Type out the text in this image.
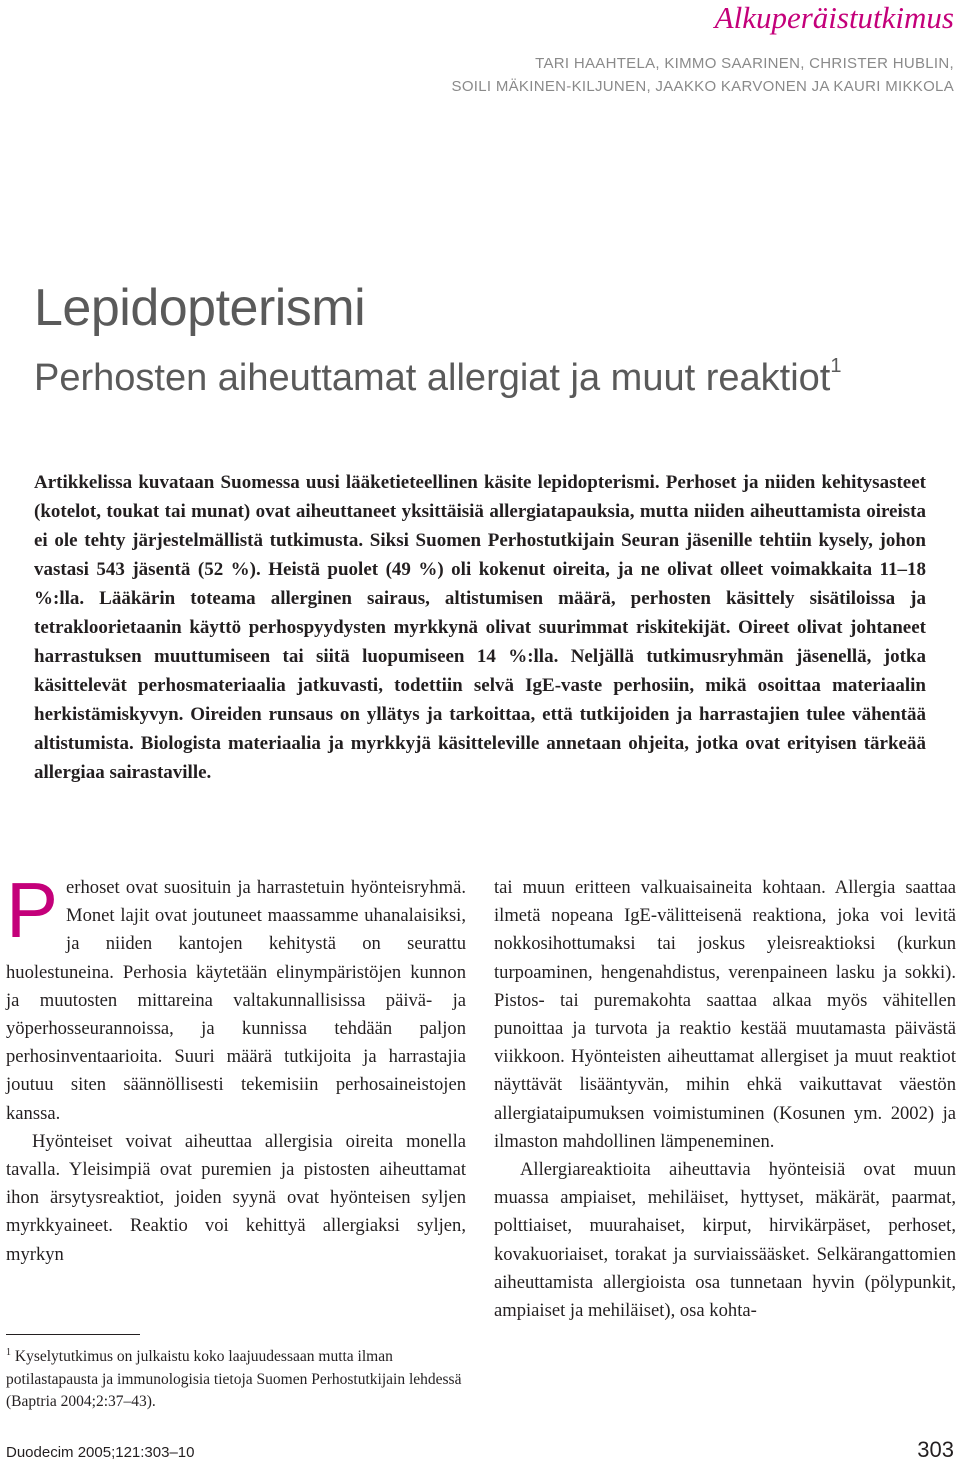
Alkuperäistutkimus
TARI HAAHTELA, KIMMO SAARINEN, CHRISTER HUBLIN,
SOILI MÄKINEN-KILJUNEN, JAAKKO KARVONEN JA KAURI MIKKOLA
Lepidopterismi
Perhosten aiheuttamat allergiat ja muut reaktiot$^1$

Artikkelissa kuvataan Suomessa uusi lääketieteellinen käsite lepidopterismi. Perhoset ja niiden kehitysasteet (kotelot, toukat tai munat) ovat aiheuttaneet yksittäisiä allergiatapauksia, mutta niiden aiheuttamista oireista ei ole tehty järjestelmällistä tutkimusta. Siksi Suomen Perhostutkijain Seuran jäsenille tehtiin kysely, johon vastasi 543 jäsentä (52 %). Heistä puolet (49 %) oli kokenut oireita, ja ne olivat olleet voimakkaita 11–18 %:lla. Lääkärin toteama allerginen sairaus, altistumisen määrä, perhosten käsittely sisätiloissa ja tetrakloorietaanin käyttö perhospyydysten myrkkynä olivat suurimmat riskitekijät. Oireet olivat johtaneet harrastuksen muuttumiseen tai siitä luopumiseen 14 %:lla. Neljällä tutkimusryhmän jäsenellä, jotka käsittelevät perhosmateriaalia jatkuvasti, todettiin selvä IgE-vaste perhosiin, mikä osoittaa materiaalin herkistämiskyvyn. Oireiden runsaus on yllätys ja tarkoittaa, että tutkijoiden ja harrastajien tulee vähentää altistumista. Biologista materiaalia ja myrkkyjä käsitteleville annetaan ohjeita, jotka ovat erityisen tärkeää allergiaa sairastaville.

Perhoset ovat suosituin ja harrastetuin hyönteisryhmä. Monet lajit ovat joutuneet maassamme uhanalaisiksi, ja niiden kantojen kehitystä on seurattu huolestuneina. Perhosia käytetään elinympäristöjen kunnon ja muutosten mittareina valtakunnallisissa päivä- ja yöperhosseurannoissa, ja kunnissa tehdään paljon perhosinventaarioita. Suuri määrä tutkijoita ja harrastajia joutuu siten säännöllisesti tekemisiin perhosaineistojen kanssa.

Hyönteiset voivat aiheuttaa allergisia oireita monella tavalla. Yleisimpiä ovat puremien ja pistosten aiheuttamat ihon ärsytysreaktiot, joiden syynä ovat hyönteisen syljen myrkkyaineet. Reaktio voi kehittyä allergiaksi syljen, myrkyn

tai muun eritteen valkuaisaineita kohtaan. Allergia saattaa ilmetä nopeana IgE-välitteisenä reaktiona, joka voi levitä nokkosihottumaksi tai joskus yleisreaktioksi (kurkun turpoaminen, hengenahdistus, verenpaineen lasku ja sokki). Pistos- tai puremakohta saattaa alkaa myös vähitellen punoittaa ja turvota ja reaktio kestää muutamasta päivästä viikkoon. Hyönteisten aiheuttamat allergiset ja muut reaktiot näyttävät lisääntyvän, mihin ehkä vaikuttavat väestön allergiataipumuksen voimistuminen (Kosunen ym. 2002) ja ilmaston mahdollinen lämpeneminen.

Allergiareaktioita aiheuttavia hyönteisiä ovat muun muassa ampiaiset, mehiläiset, hyttyset, mäkärät, paarmat, polttiaiset, muurahaiset, kirput, hirvikärpäset, perhoset, kovakuoriaiset, torakat ja surviaissääsket. Selkärangattomien aiheuttamista allergioista osa tunnetaan hyvin (pölypunkit, ampiaiset ja mehiläiset), osa kohta-

$^1$ Kyselytutkimus on julkaistu koko laajuudessaan mutta ilman potilastapausta ja immunologisia tietoja Suomen Perhostutkijain lehdessä (Baptria 2004;2:37–43).

Duodecim 2005;121:303–10	303
